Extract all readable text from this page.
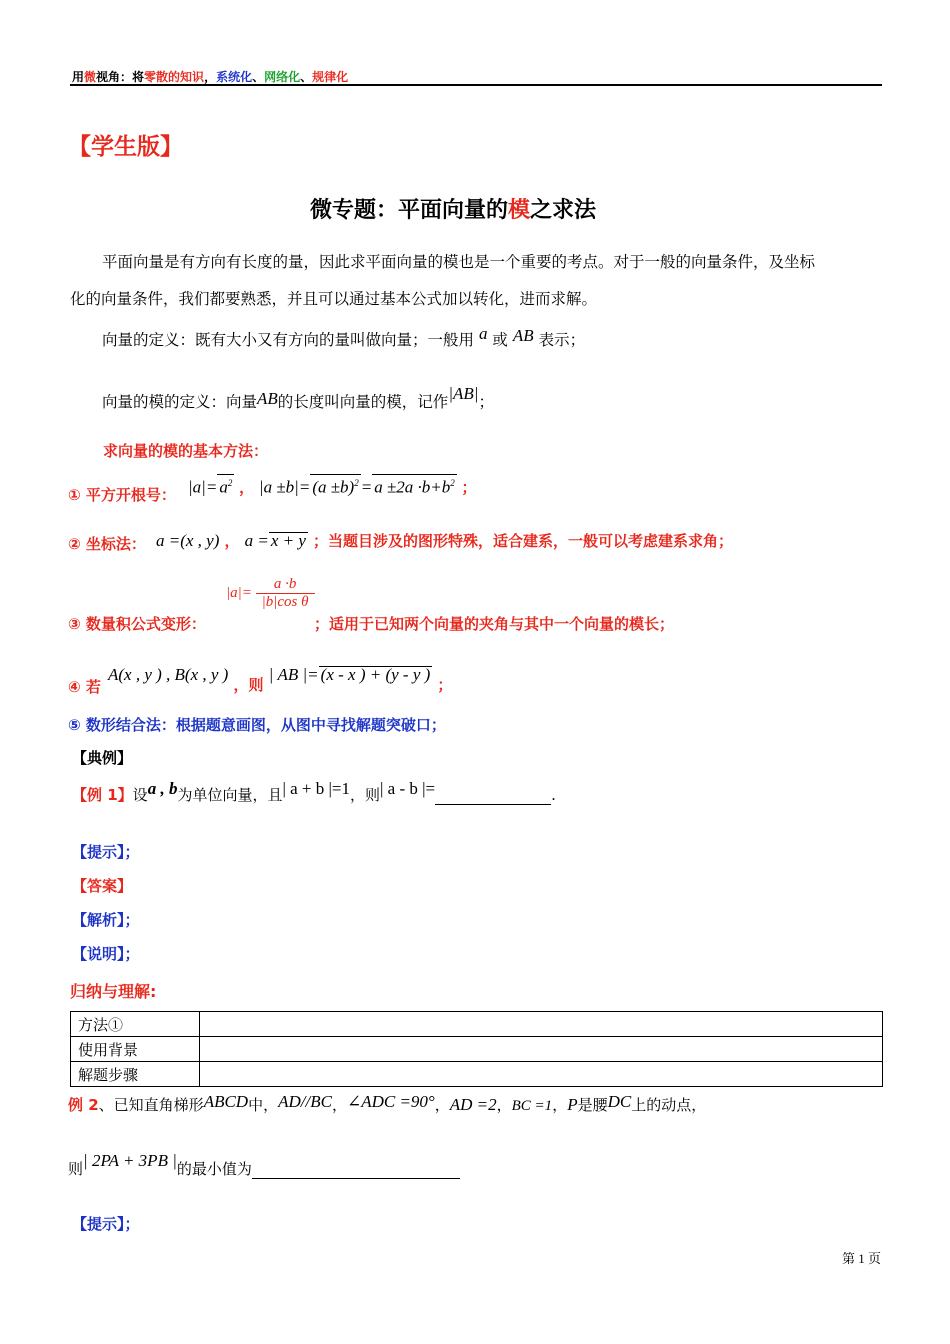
用微视角：将零散的知识，系统化、网络化、规律化
【学生版】
微专题：平面向量的模之求法
平面向量是有方向有长度的量，因此求平面向量的模也是一个重要的考点。对于一般的向量条件，及坐标
化的向量条件，我们都要熟悉，并且可以通过基本公式加以转化，进而求解。
向量的定义：既有大小又有方向的量叫做向量；一般用 a 或 AB 表示；
向量的模的定义：向量AB的长度叫向量的模，记作|AB|；
求向量的模的基本方法：
① 平方开根号： $|a|= a^2$ ， $|a \pm b|= (a \pm b)^2 = a \pm 2a \cdot b+b^2$ ；
② 坐标法： a =(x , y) ， a = x + y ；当题目涉及的图形特殊，适合建系，一般可以考虑建系求角；
③ 数量积公式变形：
$|a|= \frac{a \cdot b}{\text{|b|cos θ}}$
；适用于已知两个向量的夹角与其中一个向量的模长；
④ 若
A(x , y ) , B(x , y ) ，则 | AB |= (x - x ) + (y - y ) ；
⑤ 数形结合法：根据题意画图，从图中寻找解题突破口；
【典例】
【例 1】设a , b为单位向量，且| a + b |=1，则| a - b |=	.
【提示】；
【答案】
【解析】；
【说明】；
归纳与理解:
方法①	
使用背景	
解题步骤	
例 2、已知直角梯形ABCD中，AD//BC，∠ADC =90°，AD =2，BC =1，P是腰DC上的动点，
则| 2PA + 3PB |的最小值为
【提示】；
第 1 页
